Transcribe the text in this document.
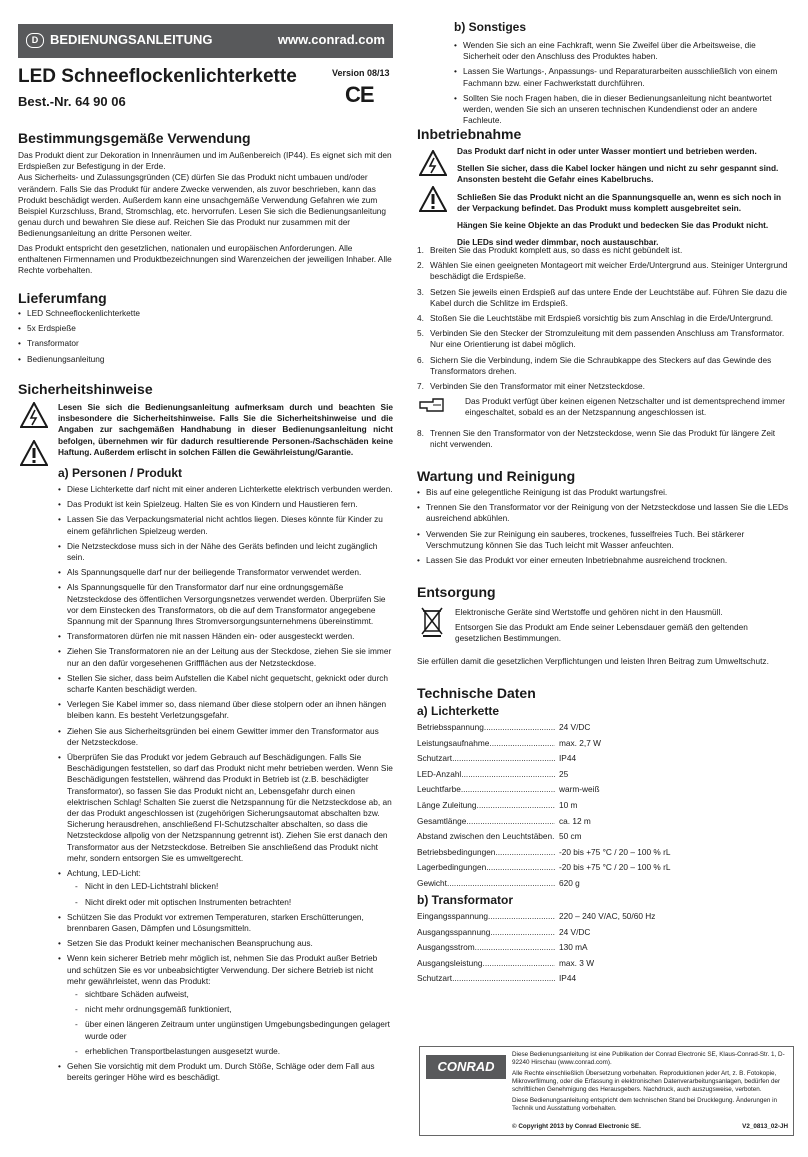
D BEDIENUNGSANLEITUNG	www.conrad.com
LED Schneeflockenlichterkette	Version 08/13
CE
Best.-Nr. 64 90 06
Bestimmungsgemäße Verwendung
Das Produkt dient zur Dekoration in Innenräumen und im Außenbereich (IP44). Es eignet sich mit den Erdspießen zur Befestigung in der Erde.
Aus Sicherheits- und Zulassungsgründen (CE) dürfen Sie das Produkt nicht umbauen und/oder verändern. Falls Sie das Produkt für andere Zwecke verwenden, als zuvor beschrieben, kann das Produkt beschädigt werden. Außerdem kann eine unsachgemäße Verwendung Gefahren wie zum Beispiel Kurzschluss, Brand, Stromschlag, etc. hervorrufen. Lesen Sie sich die Bedienungsanleitung genau durch und bewahren Sie diese auf. Reichen Sie das Produkt nur zusammen mit der Bedienungsanleitung an dritte Personen weiter.
Das Produkt entspricht den gesetzlichen, nationalen und europäischen Anforderungen. Alle enthaltenen Firmennamen und Produktbezeichnungen sind Warenzeichen der jeweiligen Inhaber. Alle Rechte vorbehalten.
Lieferumfang
• LED Schneeflockenlichterkette
• 5x Erdspieße
• Transformator
• Bedienungsanleitung
Sicherheitshinweise
Lesen Sie sich die Bedienungsanleitung aufmerksam durch und beachten Sie insbesondere die Sicherheitshinweise. Falls Sie die Sicherheitshinweise und die Angaben zur sachgemäßen Handhabung in dieser Bedienungsanleitung nicht befolgen, übernehmen wir für dadurch resultierende Personen-/Sachschäden keine Haftung. Außerdem erlischt in solchen Fällen die Gewährleistung/Garantie.
a) Personen / Produkt
• Diese Lichterkette darf nicht mit einer anderen Lichterkette elektrisch verbunden werden.
• Das Produkt ist kein Spielzeug. Halten Sie es von Kindern und Haustieren fern.
• Lassen Sie das Verpackungsmaterial nicht achtlos liegen. Dieses könnte für Kinder zu einem gefährlichen Spielzeug werden.
• Die Netzsteckdose muss sich in der Nähe des Geräts befinden und leicht zugänglich sein.
• Als Spannungsquelle darf nur der beiliegende Transformator verwendet werden.
• Als Spannungsquelle für den Transformator darf nur eine ordnungsgemäße Netzsteckdose des öffentlichen Versorgungsnetzes verwendet werden. Überprüfen Sie vor dem Einstecken des Transformators, ob die auf dem Transformator angegebene Spannung mit der Spannung Ihres Stromversorgungsunternehmens übereinstimmt.
• Transformatoren dürfen nie mit nassen Händen ein- oder ausgesteckt werden.
• Ziehen Sie Transformatoren nie an der Leitung aus der Steckdose, ziehen Sie sie immer nur an den dafür vorgesehenen Griffflächen aus der Netzsteckdose.
• Stellen Sie sicher, dass beim Aufstellen die Kabel nicht gequetscht, geknickt oder durch scharfe Kanten beschädigt werden.
• Verlegen Sie Kabel immer so, dass niemand über diese stolpern oder an ihnen hängen bleiben kann. Es besteht Verletzungsgefahr.
• Ziehen Sie aus Sicherheitsgründen bei einem Gewitter immer den Transformator aus der Netzsteckdose.
• Überprüfen Sie das Produkt vor jedem Gebrauch auf Beschädigungen. Falls Sie Beschädigungen feststellen, so darf das Produkt nicht mehr betrieben werden. Wenn Sie Beschädigungen feststellen, während das Produkt in Betrieb ist (z.B. beschädigter Transformator), so fassen Sie das Produkt nicht an, Lebensgefahr durch einen elektrischen Schlag! Schalten Sie zuerst die Netzspannung für die Netzsteckdose ab, an der das Produkt angeschlossen ist (zugehörigen Sicherungsautomat abschalten bzw. Sicherung herausdrehen, anschließend FI-Schutzschalter abschalten, so dass die Netzsteckdose allpolig von der Netzspannung getrennt ist). Ziehen Sie erst danach den Transformator aus der Netzsteckdose. Betreiben Sie anschließend das Produkt nicht mehr, sondern entsorgen Sie es umweltgerecht.
• Achtung, LED-Licht:
- Nicht in den LED-Lichtstrahl blicken!
- Nicht direkt oder mit optischen Instrumenten betrachten!
• Schützen Sie das Produkt vor extremen Temperaturen, starken Erschütterungen, brennbaren Gasen, Dämpfen und Lösungsmitteln.
• Setzen Sie das Produkt keiner mechanischen Beanspruchung aus.
• Wenn kein sicherer Betrieb mehr möglich ist, nehmen Sie das Produkt außer Betrieb und schützen Sie es vor unbeabsichtigter Verwendung. Der sichere Betrieb ist nicht mehr gewährleistet, wenn das Produkt:
- sichtbare Schäden aufweist,
- nicht mehr ordnungsgemäß funktioniert,
- über einen längeren Zeitraum unter ungünstigen Umgebungsbedingungen gelagert wurde oder
- erheblichen Transportbelastungen ausgesetzt wurde.
• Gehen Sie vorsichtig mit dem Produkt um. Durch Stöße, Schläge oder dem Fall aus bereits geringer Höhe wird es beschädigt.
b) Sonstiges
• Wenden Sie sich an eine Fachkraft, wenn Sie Zweifel über die Arbeitsweise, die Sicherheit oder den Anschluss des Produktes haben.
• Lassen Sie Wartungs-, Anpassungs- und Reparaturarbeiten ausschließlich von einem Fachmann bzw. einer Fachwerkstatt durchführen.
• Sollten Sie noch Fragen haben, die in dieser Bedienungsanleitung nicht beantwortet werden, wenden Sie sich an unseren technischen Kundendienst oder an andere Fachleute.
Inbetriebnahme
Das Produkt darf nicht in oder unter Wasser montiert und betrieben werden.
Stellen Sie sicher, dass die Kabel locker hängen und nicht zu sehr gespannt sind. Ansonsten besteht die Gefahr eines Kabelbruchs.
Schließen Sie das Produkt nicht an die Spannungsquelle an, wenn es sich noch in der Verpackung befindet. Das Produkt muss komplett ausgebreitet sein.
Hängen Sie keine Objekte an das Produkt und bedecken Sie das Produkt nicht.
Die LEDs sind weder dimmbar, noch austauschbar.
1. Breiten Sie das Produkt komplett aus, so dass es nicht gebündelt ist.
2. Wählen Sie einen geeigneten Montageort mit weicher Erde/Untergrund aus. Steiniger Untergrund beschädigt die Erdspieße.
3. Setzen Sie jeweils einen Erdspieß auf das untere Ende der Leuchtstäbe auf. Führen Sie dazu die Kabel durch die Schlitze im Erdspieß.
4. Stoßen Sie die Leuchtstäbe mit Erdspieß vorsichtig bis zum Anschlag in die Erde/Untergrund.
5. Verbinden Sie den Stecker der Stromzuleitung mit dem passenden Anschluss am Transformator. Nur eine Orientierung ist dabei möglich.
6. Sichern Sie die Verbindung, indem Sie die Schraubkappe des Steckers auf das Gewinde des Transformators drehen.
7. Verbinden Sie den Transformator mit einer Netzsteckdose.
Das Produkt verfügt über keinen eigenen Netzschalter und ist dementsprechend immer eingeschaltet, sobald es an der Netzspannung angeschlossen ist.
8. Trennen Sie den Transformator von der Netzsteckdose, wenn Sie das Produkt für längere Zeit nicht verwenden.
Wartung und Reinigung
• Bis auf eine gelegentliche Reinigung ist das Produkt wartungsfrei.
• Trennen Sie den Transformator vor der Reinigung von der Netzsteckdose und lassen Sie die LEDs ausreichend abkühlen.
• Verwenden Sie zur Reinigung ein sauberes, trockenes, fusselfreies Tuch. Bei stärkerer Verschmutzung können Sie das Tuch leicht mit Wasser anfeuchten.
• Lassen Sie das Produkt vor einer erneuten Inbetriebnahme ausreichend trocknen.
Entsorgung
Elektronische Geräte sind Wertstoffe und gehören nicht in den Hausmüll.
Entsorgen Sie das Produkt am Ende seiner Lebensdauer gemäß den geltenden gesetzlichen Bestimmungen.
Sie erfüllen damit die gesetzlichen Verpflichtungen und leisten Ihren Beitrag zum Umweltschutz.
Technische Daten
a) Lichterkette
Betriebsspannung .....	24 V/DC
Leistungsaufnahme .....	max. 2,7 W
Schutzart .....	IP44
LED-Anzahl .....	25
Leuchtfarbe .....	warm-weiß
Länge Zuleitung .....	10 m
Gesamtlänge .....	ca. 12 m
Abstand zwischen den Leuchtstäben ..... 50 cm
Betriebsbedingungen .....	-20 bis +75 °C / 20 – 100 % rL
Lagerbedingungen .....	-20 bis +75 °C / 20 – 100 % rL
Gewicht .....	620 g
b) Transformator
Eingangsspannung .....	220 – 240 V/AC, 50/60 Hz
Ausgangsspannung .....	24 V/DC
Ausgangsstrom .....	130 mA
Ausgangsleistung .....	max. 3 W
Schutzart .....	IP44
CONRAD
Diese Bedienungsanleitung ist eine Publikation der Conrad Electronic SE, Klaus-Conrad-Str. 1, D-92240 Hirschau (www.conrad.com).
Alle Rechte einschließlich Übersetzung vorbehalten. Reproduktionen jeder Art, z. B. Fotokopie, Mikroverfilmung, oder die Erfassung in elektronischen Datenverarbeitungsanlagen, bedürfen der schriftlichen Genehmigung des Herausgebers. Nachdruck, auch auszugsweise, verboten.
Diese Bedienungsanleitung entspricht dem technischen Stand bei Drucklegung. Änderungen in Technik und Ausstattung vorbehalten.
© Copyright 2013 by Conrad Electronic SE.	V2_0813_02-JH
